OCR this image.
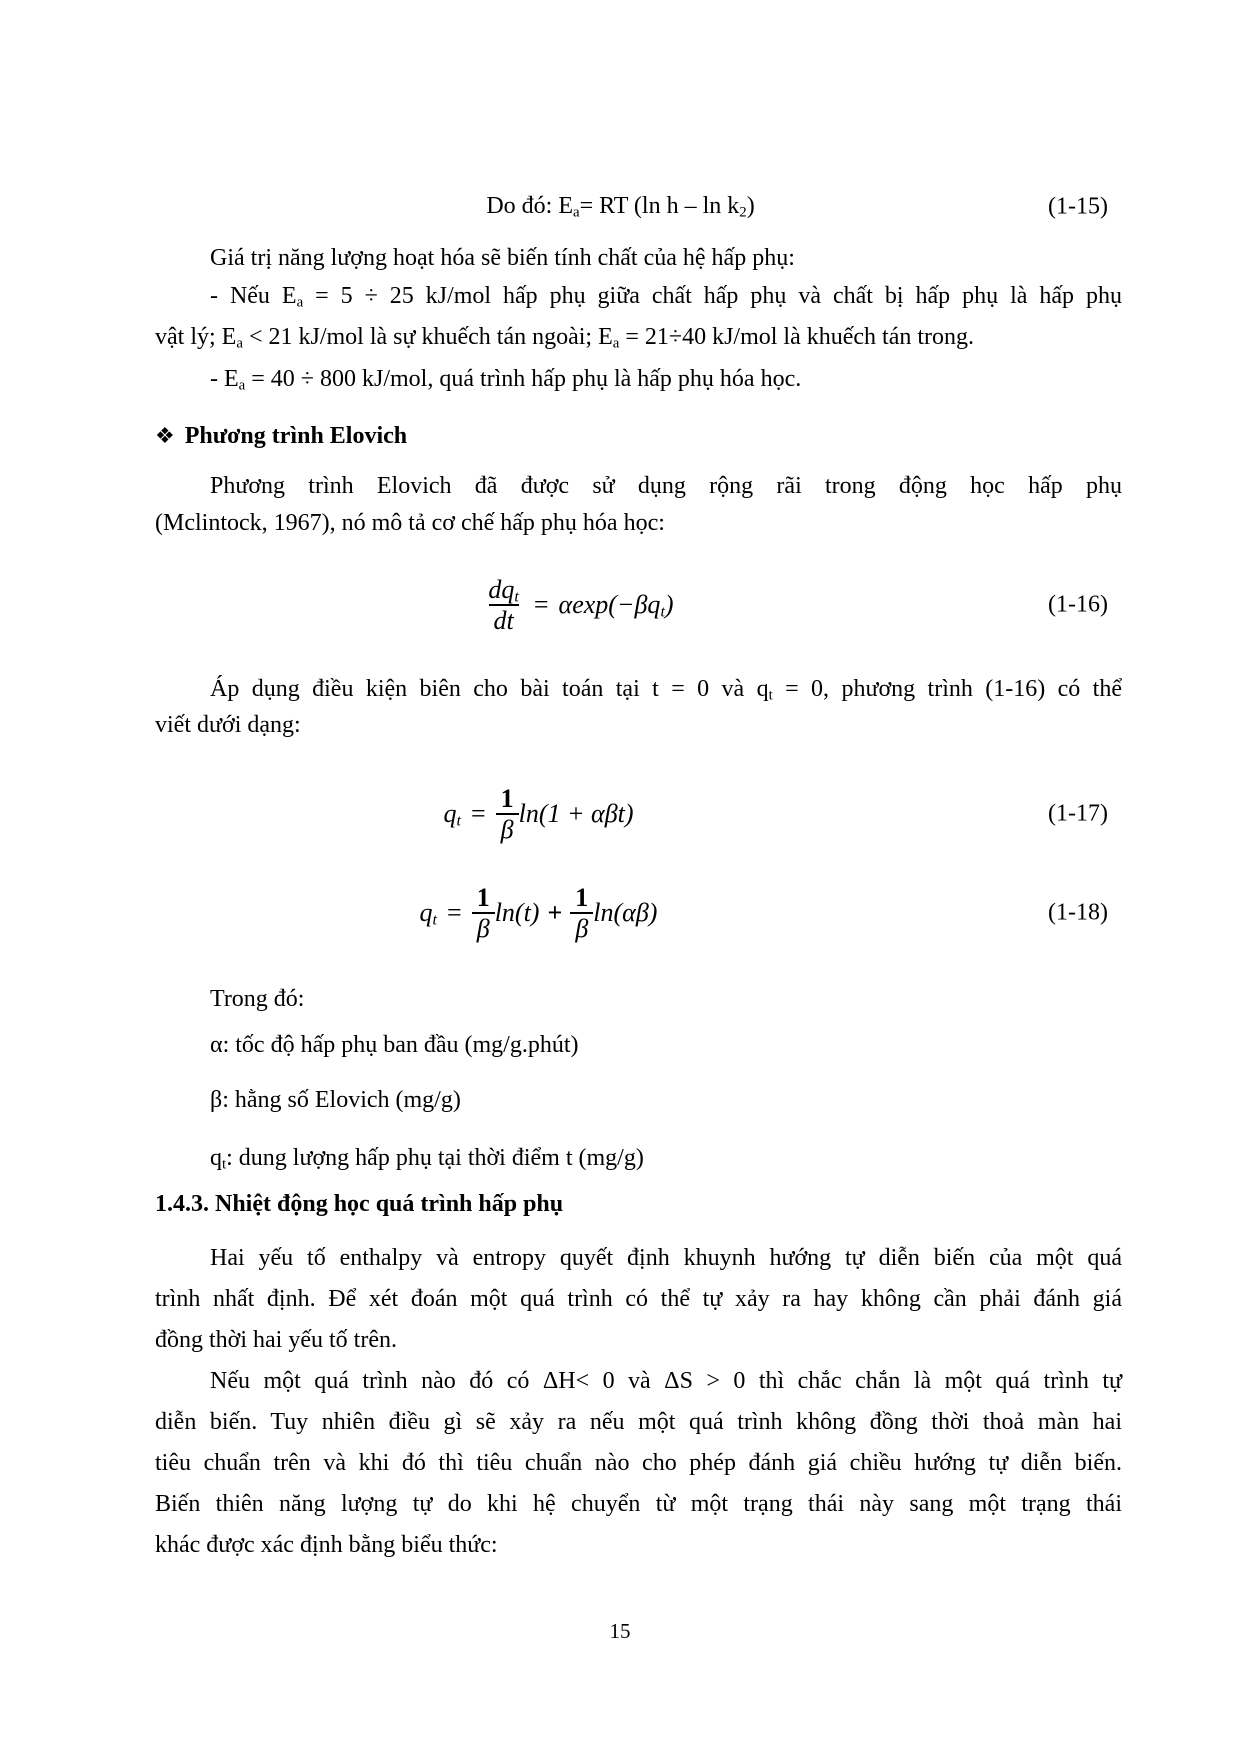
Do đó: $E_a=$ RT (ln h – $\ln k_2$)	(1-15)
Giá trị năng lượng hoạt hóa sẽ biến tính chất của hệ hấp phụ:
- Nếu $E_a = 5 \div 25$ kJ/mol hấp phụ giữa chất hấp phụ và chất bị hấp phụ là hấp phụ
vật lý; $E_a < 21$ kJ/mol là sự khuếch tán ngoài; $E_a = 21\div 40$ kJ/mol là khuếch tán trong.
- $E_a = 40 \div 800$ kJ/mol, quá trình hấp phụ là hấp phụ hóa học.
❖ Phương trình Elovich
Phương trình Elovich đã được sử dụng rộng rãi trong động học hấp phụ
(Mclintock, 1967), nó mô tả cơ chế hấp phụ hóa học:
$\frac{dq_t}{dt} = \alpha\exp(-\beta q_t)$	(1-16)
Áp dụng điều kiện biên cho bài toán tại t = 0 và $q_t = 0$, phương trình (1-16) có thể
viết dưới dạng:
$q_t = \frac{1}{\beta} \ln(1 + \alpha\beta t)$	(1-17)
$q_t = \frac{1}{\beta} \ln(t) + \frac{1}{\beta} \ln(\alpha\beta)$	(1-18)
Trong đó:
α: tốc độ hấp phụ ban đầu (mg/g.phút)
β: hằng số Elovich (mg/g)
$q_t$: dung lượng hấp phụ tại thời điểm t (mg/g)
1.4.3. Nhiệt động học quá trình hấp phụ
Hai yếu tố enthalpy và entropy quyết định khuynh hướng tự diễn biến của một quá
trình nhất định. Để xét đoán một quá trình có thể tự xảy ra hay không cần phải đánh giá
đồng thời hai yếu tố trên.
Nếu một quá trình nào đó có ΔH< 0 và ΔS > 0 thì chắc chắn là một quá trình tự
diễn biến. Tuy nhiên điều gì sẽ xảy ra nếu một quá trình không đồng thời thoả màn hai
tiêu chuẩn trên và khi đó thì tiêu chuẩn nào cho phép đánh giá chiều hướng tự diễn biến.
Biến thiên năng lượng tự do khi hệ chuyển từ một trạng thái này sang một trạng thái
khác được xác định bằng biểu thức:
15
